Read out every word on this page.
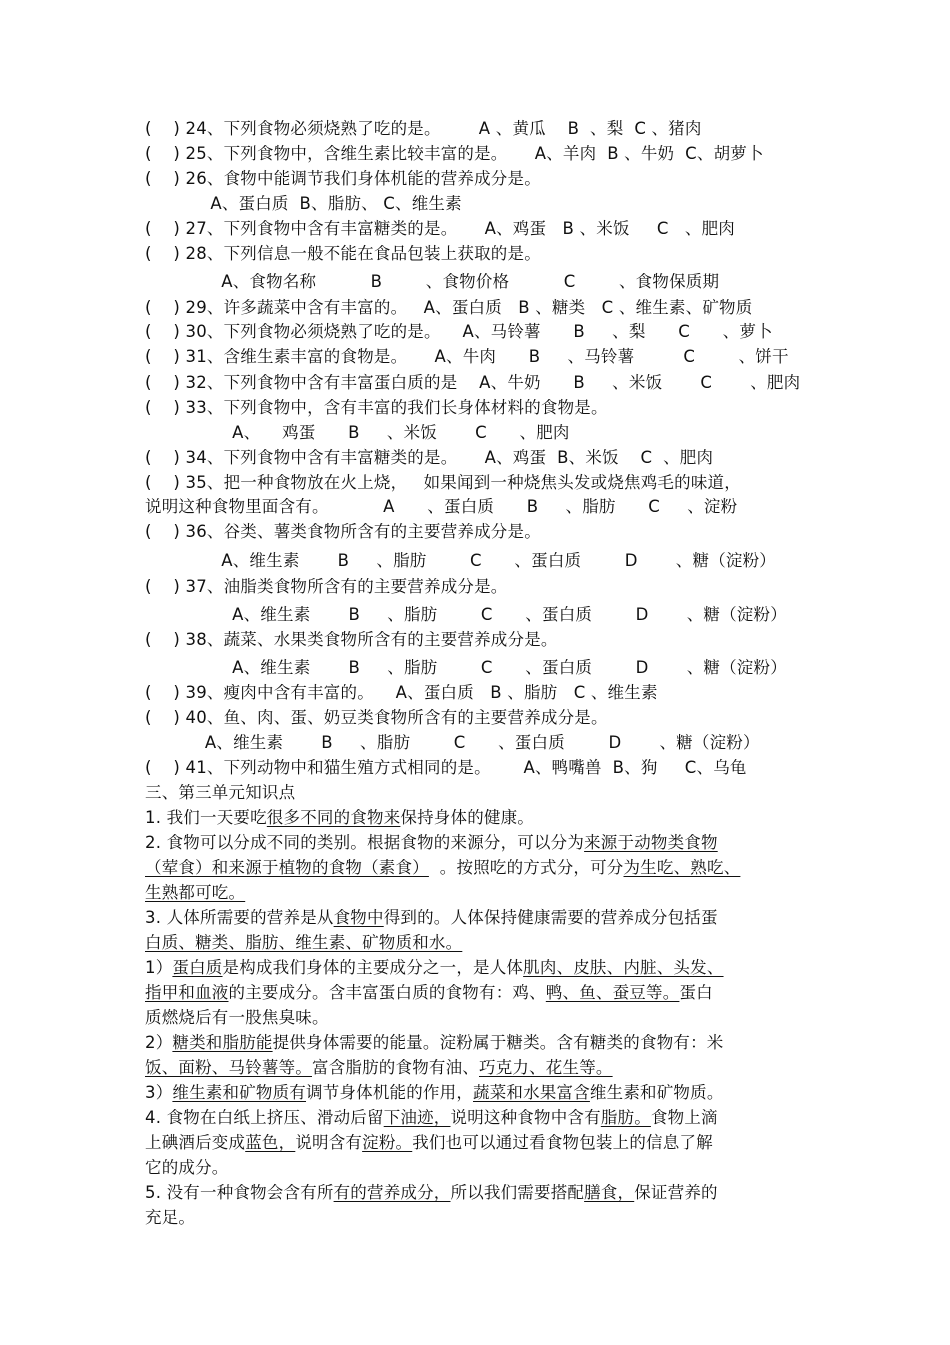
(    ) 24、下列食物必须烧熟了吃的是。       A 、黄瓜    B  、梨  C 、猪肉
(    ) 25、下列食物中，含维生素比较丰富的是。     A、羊肉  B 、牛奶  C、胡萝卜
(    ) 26、食物中能调节我们身体机能的营养成分是。
A、蛋白质  B、脂肪、 C、维生素
(    ) 27、下列食物中含有丰富糖类的是。     A、鸡蛋   B 、米饭     C   、肥肉
(    ) 28、下列信息一般不能在食品包装上获取的是。
A、食物名称          B        、食物价格          C        、食物保质期
(    ) 29、许多蔬菜中含有丰富的。   A、蛋白质   B 、糖类   C 、维生素、矿物质
(    ) 30、下列食物必须烧熟了吃的是。    A、马铃薯      B     、梨      C      、萝卜
(    ) 31、含维生素丰富的食物是。     A、牛肉      B     、马铃薯         C        、饼干
(    ) 32、下列食物中含有丰富蛋白质的是    A、牛奶      B     、米饭       C       、肥肉
(    ) 33、下列食物中，含有丰富的我们长身体材料的食物是。
A、    鸡蛋      B     、米饭       C      、肥肉
(    ) 34、下列食物中含有丰富糖类的是。     A、鸡蛋  B、米饭    C  、肥肉
(    ) 35、把一种食物放在火上烧，   如果闻到一种烧焦头发或烧焦鸡毛的味道，
说明这种食物里面含有。          A      、蛋白质      B     、脂肪      C     、淀粉
(    ) 36、谷类、薯类食物所含有的主要营养成分是。
A、维生素       B     、脂肪        C      、蛋白质        D       、糖（淀粉）
(    ) 37、油脂类食物所含有的主要营养成分是。
A、维生素       B     、脂肪        C      、蛋白质        D       、糖（淀粉）
(    ) 38、蔬菜、水果类食物所含有的主要营养成分是。
A、维生素       B     、脂肪        C      、蛋白质        D       、糖（淀粉）
(    ) 39、瘦肉中含有丰富的。    A、蛋白质   B 、脂肪   C 、维生素
(    ) 40、鱼、肉、蛋、奶豆类食物所含有的主要营养成分是。
A、维生素       B     、脂肪        C      、蛋白质        D       、糖（淀粉）
(    ) 41、下列动物中和猫生殖方式相同的是。      A、鸭嘴兽  B、狗     C、乌龟
三、第三单元知识点
1. 我们一天要吃很多不同的食物来保持身体的健康。
2. 食物可以分成不同的类别。根据食物的来源分，可以分为来源于动物类食物
（荤食）和来源于植物的食物（素食）  。按照吃的方式分，可分为生吃、熟吃、
生熟都可吃。
3. 人体所需要的营养是从食物中得到的。人体保持健康需要的营养成分包括蛋
白质、糖类、脂肪、维生素、矿物质和水。
1）蛋白质是构成我们身体的主要成分之一，是人体肌肉、皮肤、内脏、头发、
指甲和血液的主要成分。含丰富蛋白质的食物有：鸡、鸭、鱼、蚕豆等。蛋白
质燃烧后有一股焦臭味。
2）糖类和脂肪能提供身体需要的能量。淀粉属于糖类。含有糖类的食物有：米
饭、面粉、马铃薯等。富含脂肪的食物有油、巧克力、花生等。
3）维生素和矿物质有调节身体机能的作用，蔬菜和水果富含维生素和矿物质。
4. 食物在白纸上挤压、滑动后留下油迹，说明这种食物中含有脂肪。食物上滴
上碘酒后变成蓝色，说明含有淀粉。我们也可以通过看食物包装上的信息了解
它的成分。
5. 没有一种食物会含有所有的营养成分，所以我们需要搭配膳食，保证营养的
充足。
